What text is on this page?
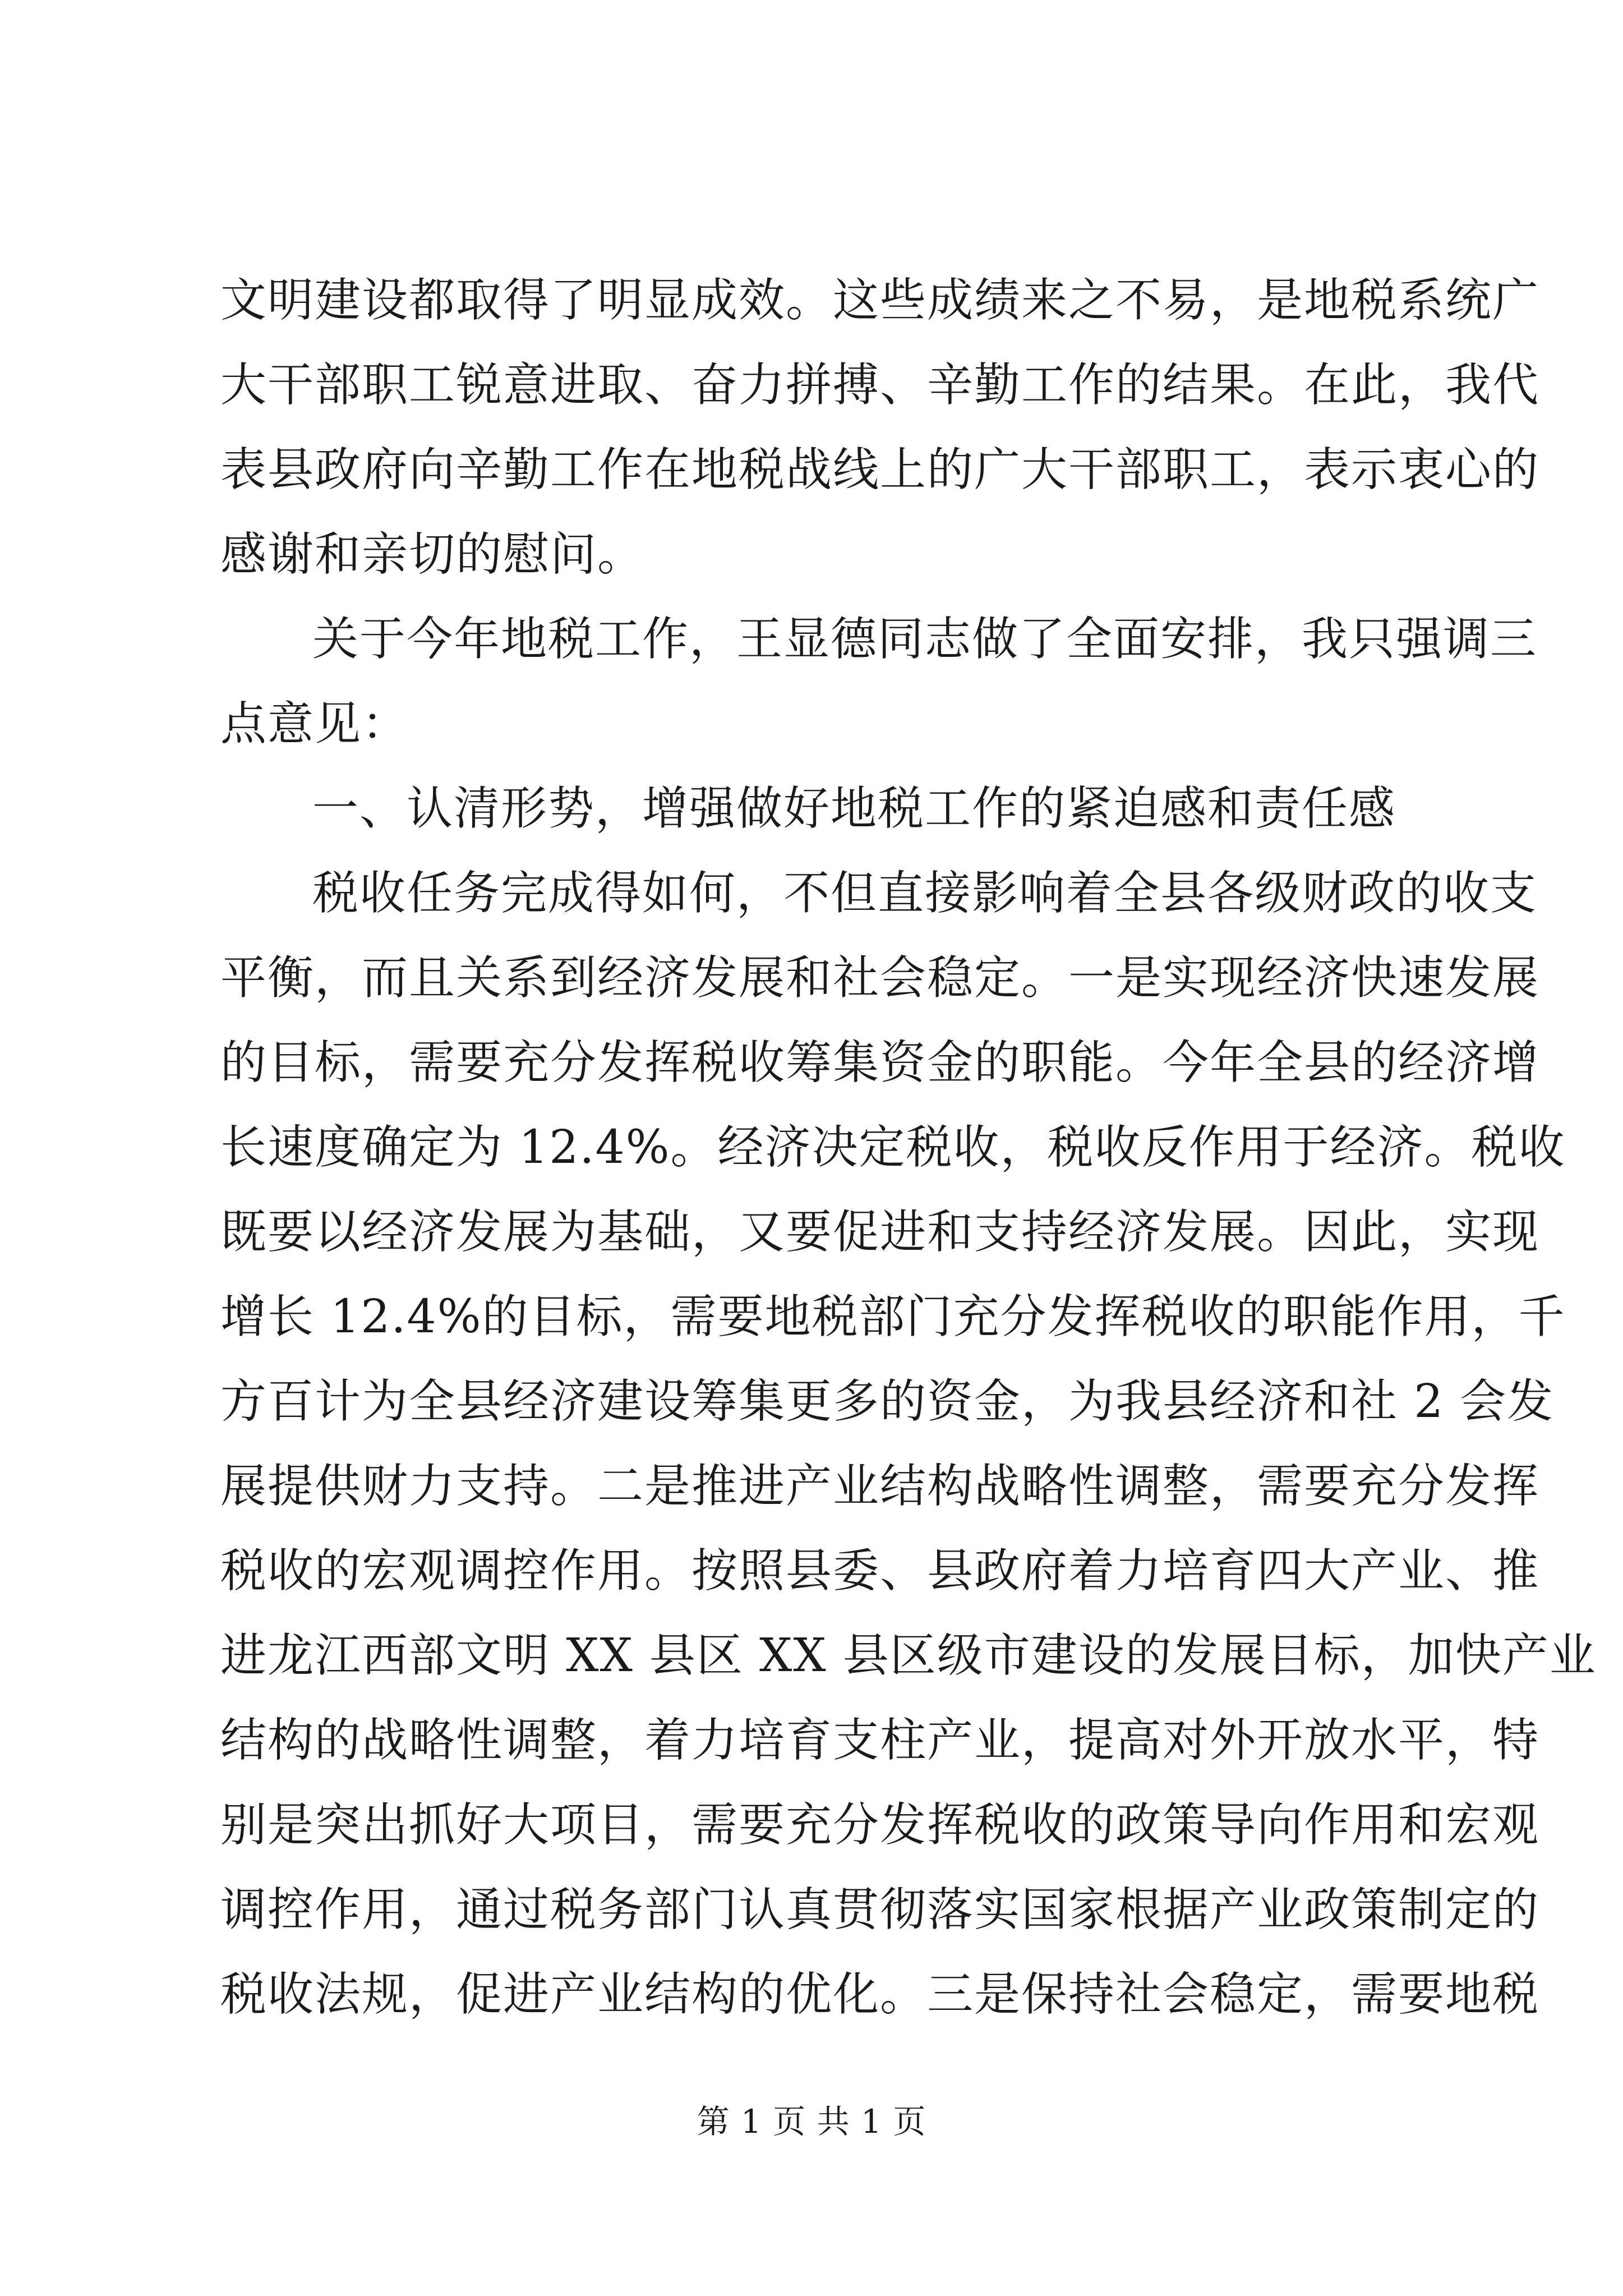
文明建设都取得了明显成效。这些成绩来之不易，是地税系统广
大干部职工锐意进取、奋力拼搏、辛勤工作的结果。在此，我代
表县政府向辛勤工作在地税战线上的广大干部职工，表示衷心的
感谢和亲切的慰问。
关于今年地税工作，王显德同志做了全面安排，我只强调三
点意见：
一、认清形势，增强做好地税工作的紧迫感和责任感
税收任务完成得如何，不但直接影响着全县各级财政的收支
平衡，而且关系到经济发展和社会稳定。一是实现经济快速发展
的目标，需要充分发挥税收筹集资金的职能。今年全县的经济增
长速度确定为 12.4%。经济决定税收，税收反作用于经济。税收
既要以经济发展为基础，又要促进和支持经济发展。因此，实现
增长 12.4%的目标，需要地税部门充分发挥税收的职能作用，千
方百计为全县经济建设筹集更多的资金，为我县经济和社 2 会发
展提供财力支持。二是推进产业结构战略性调整，需要充分发挥
税收的宏观调控作用。按照县委、县政府着力培育四大产业、推
进龙江西部文明 XX 县区 XX 县区级市建设的发展目标，加快产业
结构的战略性调整，着力培育支柱产业，提高对外开放水平，特
别是突出抓好大项目，需要充分发挥税收的政策导向作用和宏观
调控作用，通过税务部门认真贯彻落实国家根据产业政策制定的
税收法规，促进产业结构的优化。三是保持社会稳定，需要地税
第 1 页 共 1 页
